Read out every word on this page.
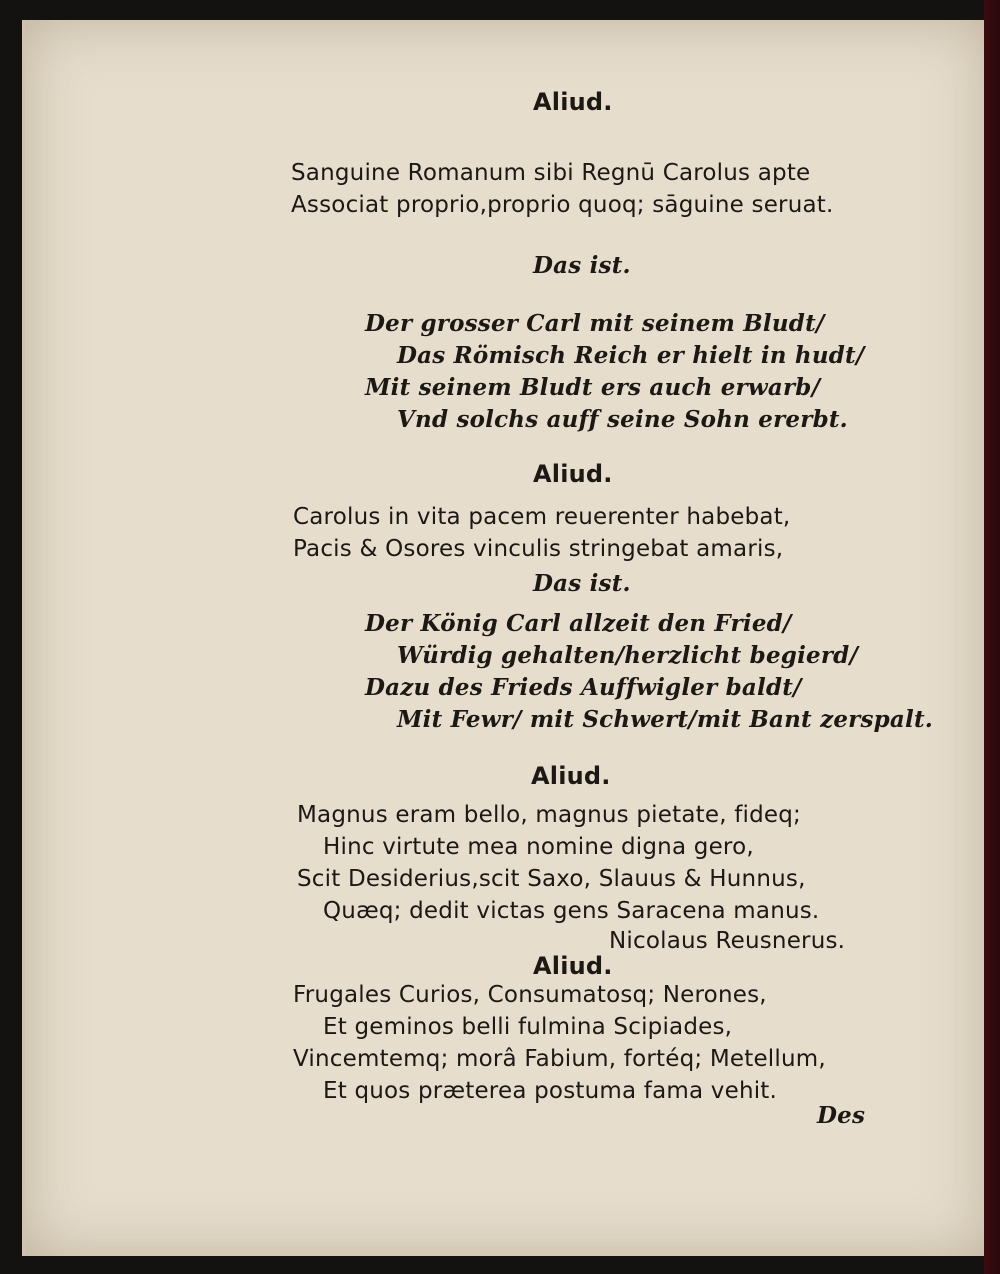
Aliud.
Sanguine Romanum sibi Regnū Carolus apte
Associat proprio,proprio quoq; sāguine seruat.
Das ist.
Der grosser Carl mit seinem Bludt/
Das Römisch Reich er hielt in hudt/
Mit seinem Bludt ers auch erwarb/
Vnd solchs auff seine Sohn ererbt.
Aliud.
Carolus in vita pacem reuerenter habebat,
Pacis & Osores vinculis stringebat amaris,
Das ist.
Der König Carl allzeit den Fried/
Würdig gehalten/herzlicht begierd/
Dazu des Frieds Auffwigler baldt/
Mit Fewr/ mit Schwert/mit Bant zerspalt.
Aliud.
Magnus eram bello, magnus pietate, fideq;
Hinc virtute mea nomine digna gero,
Scit Desiderius,scit Saxo, Slauus & Hunnus,
Quæq; dedit victas gens Saracena manus.
Nicolaus Reusnerus.
Aliud.
Frugales Curios, Consumatosq; Nerones,
Et geminos belli fulmina Scipiades,
Vincemtemq; morâ Fabium, fortéq; Metellum,
Et quos præterea postuma fama vehit.
Des
